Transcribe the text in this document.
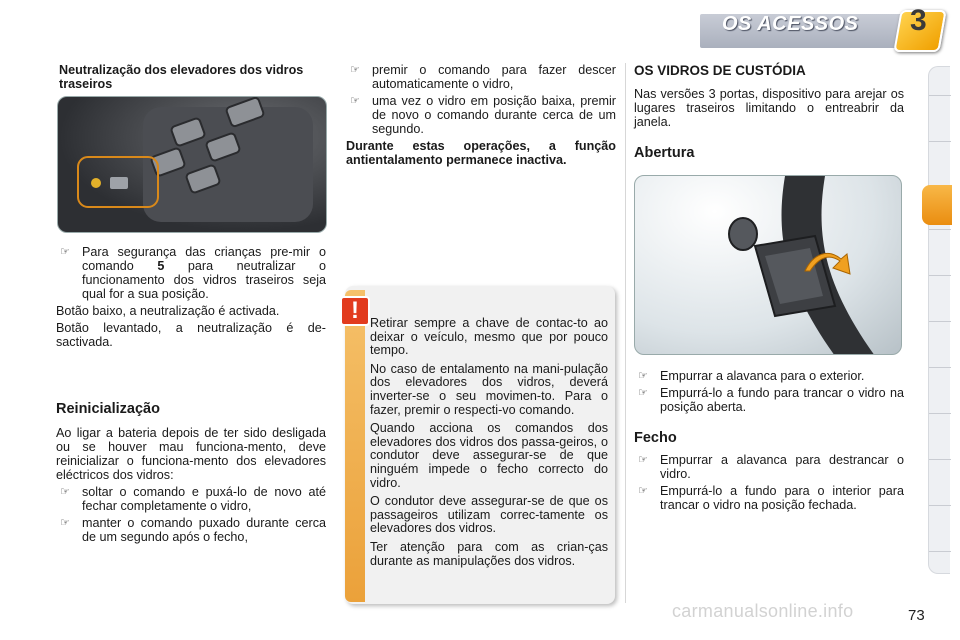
OS ACESSOS 3
Neutralização dos elevadores dos vidros traseiros
☞ Para segurança das crianças pre-mir o comando 5 para neutralizar o funcionamento dos vidros traseiros seja qual for a sua posição.

Botão baixo, a neutralização é activada.

Botão levantado, a neutralização é de-sactivada.

Reinicialização

Ao ligar a bateria depois de ter sido desligada ou se houver mau funciona-mento, deve reinicializar o funciona-mento dos elevadores eléctricos dos vidros:

☞ soltar o comando e puxá-lo de novo até fechar completamente o vidro,
☞ manter o comando puxado durante cerca de um segundo após o fecho,
☞ premir o comando para fazer descer automaticamente o vidro,
☞ uma vez o vidro em posição baixa, premir de novo o comando durante cerca de um segundo.

Durante estas operações, a função antientalamento permanece inactiva.

! Retirar sempre a chave de contac-to ao deixar o veículo, mesmo que por pouco tempo.

No caso de entalamento na mani-pulação dos elevadores dos vidros, deverá inverter-se o seu movimen-to. Para o fazer, premir o respecti-vo comando.

Quando acciona os comandos dos elevadores dos vidros dos passa-geiros, o condutor deve assegurar-se de que ninguém impede o fecho correcto do vidro.

O condutor deve assegurar-se de que os passageiros utilizam correc-tamente os elevadores dos vidros.

Ter atenção para com as crian-ças durante as manipulações dos vidros.

OS VIDROS DE CUSTÓDIA

Nas versões 3 portas, dispositivo para arejar os lugares traseiros limitando o entreabrir da janela.

Abertura
☞ Empurrar a alavanca para o exterior.
☞ Empurrá-lo a fundo para trancar o vidro na posição aberta.
Fecho
☞ Empurrar a alavanca para destrancar o vidro.
☞ Empurrá-lo a fundo para o interior para trancar o vidro na posição fechada.
carmanualsonline.info	73
